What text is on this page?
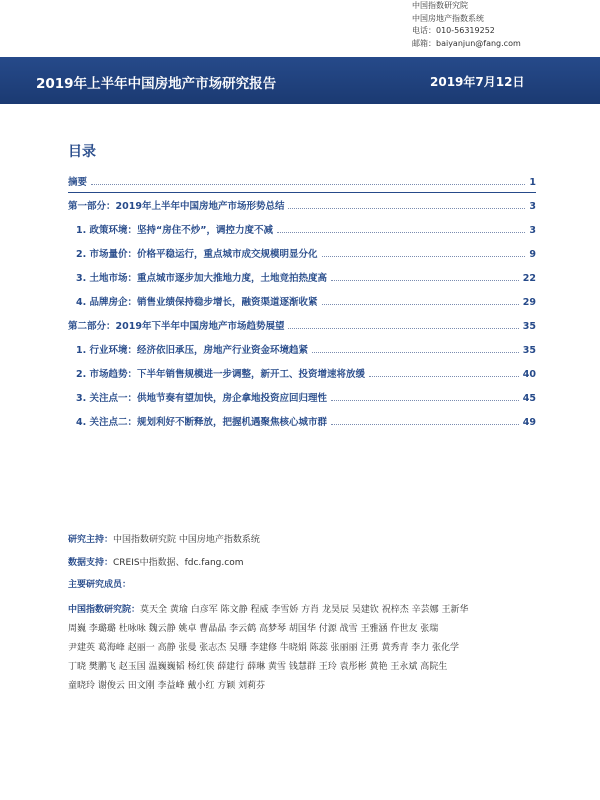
中国指数研究院
中国房地产指数系统
电话：010-56319252
邮箱：baiyanjun@fang.com
2019年上半年中国房地产市场研究报告	2019年7月12日
目录
摘要	1
第一部分：2019年上半年中国房地产市场形势总结	3
1. 政策环境：坚持“房住不炒”，调控力度不减	3
2. 市场量价：价格平稳运行，重点城市成交规模明显分化	9
3. 土地市场：重点城市逐步加大推地力度，土地竞拍热度高	22
4. 品牌房企：销售业绩保持稳步增长，融资渠道逐渐收紧	29
第二部分：2019年下半年中国房地产市场趋势展望	35
1. 行业环境：经济依旧承压，房地产行业资金环境趋紧	35
2. 市场趋势：下半年销售规模进一步调整，新开工、投资增速将放缓	40
3. 关注点一：供地节奏有望加快，房企拿地投资应回归理性	45
4. 关注点二：规划利好不断释放，把握机遇聚焦核心城市群	49
研究主持：中国指数研究院 中国房地产指数系统
数据支持：CREIS中指数据、fdc.fang.com
主要研究成员：
中国指数研究院：莫天全 黄瑜 白彦军 陈文静 程威 李雪娇 方肖 龙昊辰 吴建钦 祝梓杰 辛芸娜 王新华
周巍 李璐璐 杜咏咏 魏云静 姚卓 曹晶晶 李云鹤 高梦琴 胡国华 付源 战雪 王雅涵 仵世友 张瑞
尹建英 葛海峰 赵丽一 高静 张曼 张志杰 吴珊 李建修 牛晓娟 陈蕊 张丽丽 汪勇 黄秀青 李力 张化学
丁晓 樊鹏飞 赵玉国 温巍巍韬 杨红侠 薛建行 薛琳 黄雪 钱慧群 王玲 袁彤彬 黄艳 王永斌 高院生
童晓玲 谢俊云 田文刚 李益峰 戴小红 方颖 刘莉芬
